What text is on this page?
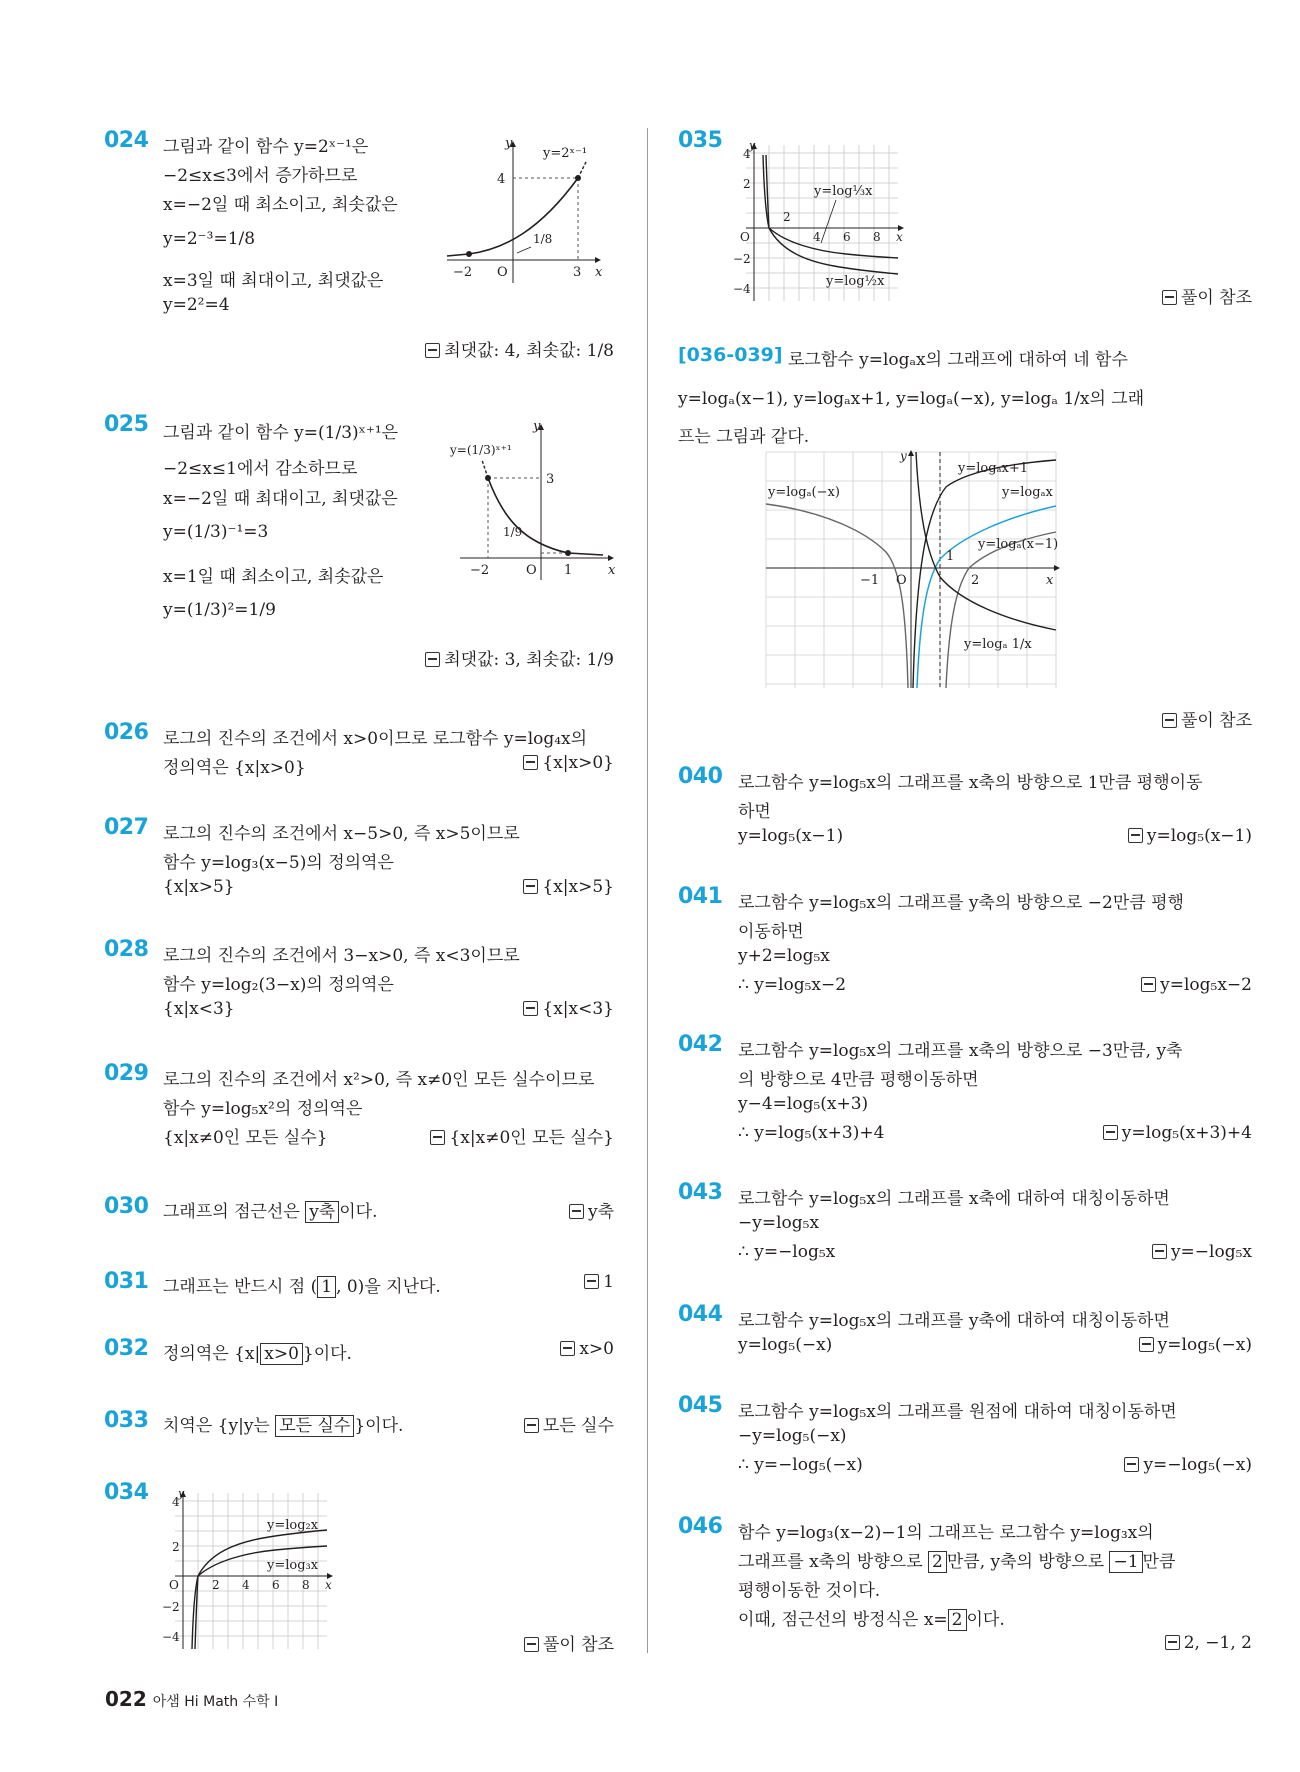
024 그림과 같이 함수 y=2ˣ⁻¹은
−2≤x≤3에서 증가하므로
x=−2일 때 최소이고, 최솟값은
y=2⁻³=1/8
x=3일 때 최대이고, 최댓값은
y=2²=4
y
x
y=2ˣ⁻¹
4
−2 O	3
1/8
최댓값: 4, 최솟값: 1/8
025 그림과 같이 함수 y=(1/3)ˣ⁺¹은
−2≤x≤1에서 감소하므로
x=−2일 때 최대이고, 최댓값은
y=(1/3)⁻¹=3
x=1일 때 최소이고, 최솟값은
y=(1/3)²=1/9
y
x
y=(1/3)ˣ⁺¹
3
1/9
−2	O 1
최댓값: 3, 최솟값: 1/9
026 로그의 진수의 조건에서 x>0이므로 로그함수 y=log₄x의
정의역은 {x|x>0}	{x|x>0}
027 로그의 진수의 조건에서 x−5>0, 즉 x>5이므로
함수 y=log₃(x−5)의 정의역은
{x|x>5}	{x|x>5}
028 로그의 진수의 조건에서 3−x>0, 즉 x<3이므로
함수 y=log₂(3−x)의 정의역은
{x|x<3}	{x|x<3}
029 로그의 진수의 조건에서 x²>0, 즉 x≠0인 모든 실수이므로
함수 y=log₅x²의 정의역은
{x|x≠0인 모든 실수}	{x|x≠0인 모든 실수}
030 그래프의 점근선은 y축 이다.	y축
031 그래프는 반드시 점 ( 1 , 0)을 지난다.	1
032 정의역은 {x| x>0 }이다.	x>0
033 치역은 {y|y는 모든 실수 }이다.	모든 실수
034
y=log₂x
y=log₃x
4
2
O	2 4 6 8
−2
−4
y
x
풀이 참조
035
y=log⅓x
y=log½x
4
2
O
2
4 6 8
−2
−4
y
x
풀이 참조
[036-039] 로그함수 y=logₐx의 그래프에 대하여 네 함수
y=logₐ(x−1), y=logₐx+1, y=logₐ(−x), y=logₐ 1/x의 그래
프는 그림과 같다.
y=logₐx+1
y=logₐ(−x)	y=logₐx
y=logₐ(x−1)
y=logₐ 1/x
−1 O
1
2
y
x
풀이 참조
040 로그함수 y=log₅x의 그래프를 x축의 방향으로 1만큼 평행이동
하면
y=log₅(x−1)	y=log₅(x−1)
041 로그함수 y=log₅x의 그래프를 y축의 방향으로 −2만큼 평행
이동하면
y+2=log₅x
∴ y=log₅x−2	y=log₅x−2
042 로그함수 y=log₅x의 그래프를 x축의 방향으로 −3만큼, y축
의 방향으로 4만큼 평행이동하면
y−4=log₅(x+3)
∴ y=log₅(x+3)+4	y=log₅(x+3)+4
043 로그함수 y=log₅x의 그래프를 x축에 대하여 대칭이동하면
−y=log₅x
∴ y=−log₅x	y=−log₅x
044 로그함수 y=log₅x의 그래프를 y축에 대하여 대칭이동하면
y=log₅(−x)	y=log₅(−x)
045 로그함수 y=log₅x의 그래프를 원점에 대하여 대칭이동하면
−y=log₅(−x)
∴ y=−log₅(−x)	y=−log₅(−x)
046 함수 y=log₃(x−2)−1의 그래프는 로그함수 y=log₃x의
그래프를 x축의 방향으로 2 만큼, y축의 방향으로 −1 만큼
평행이동한 것이다.
이때, 점근선의 방정식은 x= 2 이다.
2, −1, 2
022 아샘 Hi Math 수학 I
